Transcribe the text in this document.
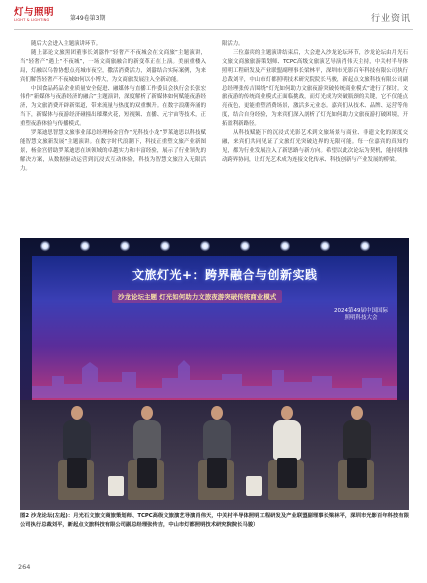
灯与照明
LIGHT & LIGHTING	第49卷第3期	行业资讯

随后大会进入主题演讲环节。

随上部论文旅黑团董事长刘嚣作“轻奢产不夜城会在文商旅”主题演讲，当“轻奢产”遇上“不夜城”，一场文商旅融合的新变革正在上演。美丽重楼入局，灯融以乌鲁协想点亮城市夜空，撒活消费活力，刘嚣结合实际案例，为来宾们解答轻奢产不夜城如何以小博大，为文商旅发展注入全新动能。

中国食品药品企业质量安全促进、融媒体与直播工作委员会执行会长张宏伟作“新媒体与夜游经济的融合”主题演讲，深度解析了新媒体如何赋能夜游经济，为文旅消费开辟新渠道，带来流量与热度的双重飘升。在数字浪潮奔涌的当下，新媒体与夜游经济碰撞出璀璨火花，短视频、直播、元宇宙等技术，正重塑夜游体验与传播模式。

罗莱迪思智慧文旅事业部总经理杨金宫作“光科技小龙”罗莱迪思以科技赋能智慧文旅新发展”主题演讲。在数字时代浪潮下，科技正重塑文旅产业新图景，杨金宫借助罗莱迪思在该领域的卓越实力和丰富经验，展示了行业领先的解决方案，从数据驱动运营到沉浸式互动体验，科技为智慧文旅注入无限活力。

限活力。

三位嘉宾的主题演讲结束后，大会进入沙龙论坛环节，沙龙论坛由月光石文旅文商旅旅游策划师、TCPC高级文旅演艺导演肖伟天主持，中关村半导体照明工程研发及产业联盟副理事长梁林平，深圳市光影百年科技有限公司执行总裁刘平，中山市灯都照明技术研究院院长马骏，新起点文旅科技有限公司副总经理张传吉围绕“灯光如何助力文旅夜游突破传统商业模式”进行了探讨。文旅夜游的传统商业模式正面临挑战，而灯光成为突破瓶颈的关键，它不仅能点亮夜色，更能重塑消费场景，激活多元业态。嘉宾们从技术、品牌、运营等角度，结合自身经验，为来宾们深入剖析了灯光如何助力文旅夜游打破困境，开拓盈利新路径。

从科技赋能下的沉浸式光影艺术到文旅场景与商业、非遗文化的深度交融，来宾们共同见证了文旅灯光突破边界的无限可能。每一位嘉宾的真知灼见，都为行业发展注入了新思路与新方向。希望以此次论坛为契机，能持续推动跨界协同，让灯光艺术成为连接文化传承、科技创新与产业发展的桥梁。

文旅灯光+：跨界融合与创新实践
沙龙论坛主题 灯光如何助力文旅夜游突破传统商业模式
2024第49届中国国际照明科技大会
图2 沙龙论坛(左起)：月光石文旅文商旅策划师、TCPC高级文旅演艺导演肖伟天，中关村半导体照明工程研发及产业联盟副理事长梁林平，深圳市光影百年科技有限公司执行总裁刘平，新起点文旅科技有限公司副总经理张传吉，中山市灯都照明技术研究院院长马骏）
264
